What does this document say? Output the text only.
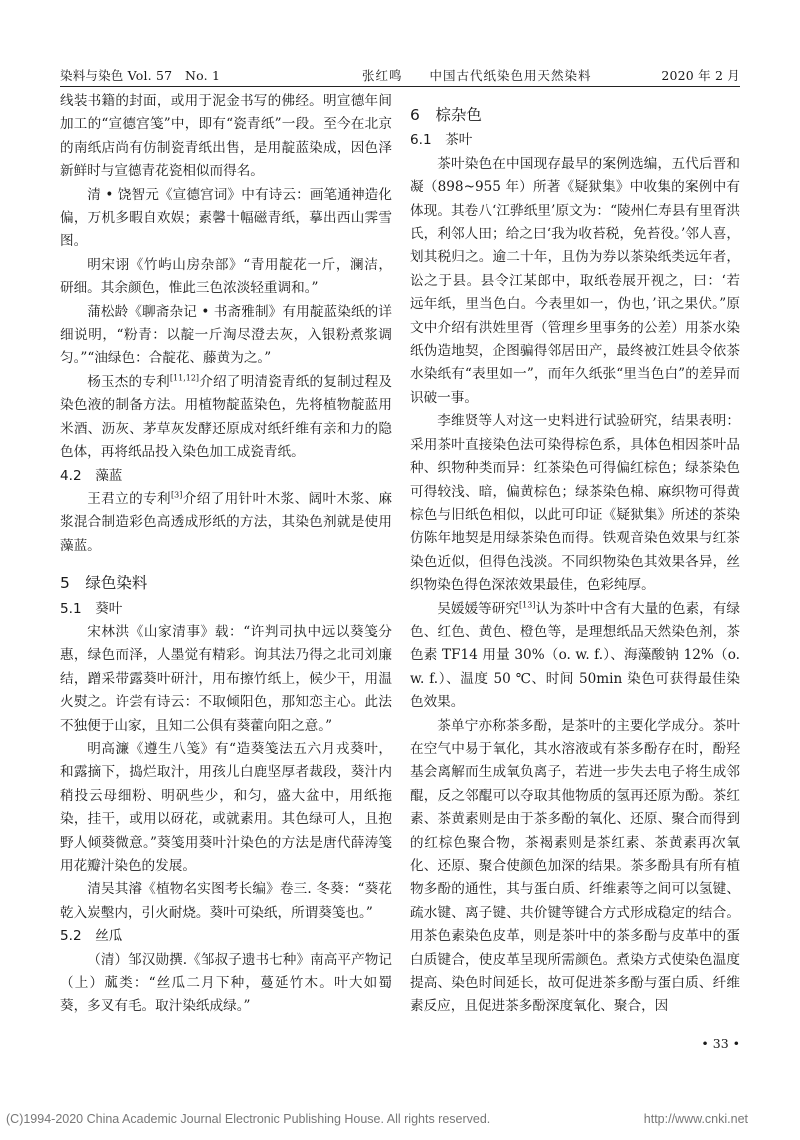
染料与染色 Vol. 57　No. 1	张红鸣　　中国古代纸染色用天然染料	2020 年 2 月

线装书籍的封面，或用于泥金书写的佛经。明宣德年间加工的“宣德宫笺”中，即有“瓷青纸”一段。至今在北京的南纸店尚有仿制瓷青纸出售，是用靛蓝染成，因色泽新鲜时与宣德青花瓷相似而得名。

清 • 饶智元《宣德宫词》中有诗云：画笔通神造化偏，万机多暇自欢娱；素馨十幅磁青纸，摹出西山霁雪图。

明宋诩《竹屿山房杂部》“青用靛花一斤，澜洁，研细。其余颜色，惟此三色浓淡轻重调和。”

蒲松龄《聊斋杂记 • 书斋雅制》有用靛蓝染纸的详细说明，“粉青：以靛一斤淘尽澄去灰，入银粉煮浆调匀。”“油绿色：合靛花、藤黄为之。”

杨玉杰的专利[11,12]介绍了明清瓷青纸的复制过程及染色液的制备方法。用植物靛蓝染色，先将植物靛蓝用米酒、沥灰、茅草灰发酵还原成对纸纤维有亲和力的隐色体，再将纸品投入染色加工成瓷青纸。

4.2　藻蓝

王君立的专利[3]介绍了用针叶木浆、阔叶木浆、麻浆混合制造彩色高透成形纸的方法，其染色剂就是使用藻蓝。

5　绿色染料
5.1　葵叶

宋林洪《山家清事》载：“许判司执中远以葵笺分惠，绿色而泽，人墨觉有精彩。询其法乃得之北司刘廉结，蹭采带露葵叶研汁，用布擦竹纸上，候少干，用温火熨之。许尝有诗云：不取倾阳色，那知恋主心。此法不独便于山家，且知二公俱有葵藿向阳之意。”

明高濂《遵生八笺》有“造葵笺法五六月戎葵叶，和露摘下，捣烂取汁，用孩儿白鹿坚厚者裁段，葵汁内稍投云母细粉、明矾些少，和匀，盛大盆中，用纸拖染，挂干，或用以砑花，或就素用。其色绿可人，且抱野人倾葵微意。”葵笺用葵叶汁染色的方法是唐代薛涛笺用花瓣汁染色的发展。

清吴其濬《植物名实图考长编》卷三. 冬葵：“葵花乾入炭墼内，引火耐烧。葵叶可染纸，所谓葵笺也。”

5.2　丝瓜

（清）邹汉勋撰.《邹叔子遗书七种》南高平产物记（上）蓏类：“丝瓜二月下种，蔓延竹木。叶大如蜀葵，多叉有毛。取汁染纸成绿。”

6　棕杂色
6.1　茶叶

茶叶染色在中国现存最早的案例选编，五代后晋和凝（898~955 年）所著《疑狱集》中收集的案例中有体现。其卷八‘江骅纸里’原文为：“陵州仁寿县有里胥洪氏，利邻人田；给之曰‘我为收苔税，免苔役。’邻人喜，划其税归之。逾二十年，且伪为券以茶染纸类远年者，讼之于县。县令江某郎中，取纸卷展开视之，曰：‘若远年纸，里当色白。今表里如一，伪也，’讯之果伏。”原文中介绍有洪姓里胥（管理乡里事务的公差）用茶水染纸伪造地契，企图骗得邻居田产，最终被江姓县令依茶水染纸有“表里如一”，而年久纸张“里当色白”的差异而识破一事。

李维贤等人对这一史料进行试验研究，结果表明：采用茶叶直接染色法可染得棕色系，具体色相因茶叶品种、织物种类而异：红茶染色可得偏红棕色；绿茶染色可得较浅、暗，偏黄棕色；绿茶染色棉、麻织物可得黄棕色与旧纸色相似，以此可印证《疑狱集》所述的茶染仿陈年地契是用绿茶染色而得。铁观音染色效果与红茶染色近似，但得色浅淡。不同织物染色其效果各异，丝织物染色得色深浓效果最佳，色彩纯厚。

吴媛媛等研究[13]认为茶叶中含有大量的色素，有绿色、红色、黄色、橙色等，是理想纸品天然染色剂，茶色素 TF14 用量 30%（o. w. f.）、海藻酸钠 12%（o. w. f.）、温度 50 ℃、时间 50min 染色可获得最佳染色效果。

茶单宁亦称茶多酚，是茶叶的主要化学成分。茶叶在空气中易于氧化，其水溶液或有茶多酚存在时，酚羟基会离解而生成氧负离子，若进一步失去电子将生成邻醌，反之邻醌可以夺取其他物质的氢再还原为酚。茶红素、茶黄素则是由于茶多酚的氧化、还原、聚合而得到的红棕色聚合物，茶褐素则是茶红素、茶黄素再次氧化、还原、聚合使颜色加深的结果。茶多酚具有所有植物多酚的通性，其与蛋白质、纤维素等之间可以氢键、疏水键、离子键、共价键等键合方式形成稳定的结合。用茶色素染色皮革，则是茶叶中的茶多酚与皮革中的蛋白质键合，使皮革呈现所需颜色。煮染方式使染色温度提高、染色时间延长，故可促进茶多酚与蛋白质、纤维素反应，且促进茶多酚深度氧化、聚合，因

• 33 •
(C)1994-2020 China Academic Journal Electronic Publishing House. All rights reserved.	http://www.cnki.net
